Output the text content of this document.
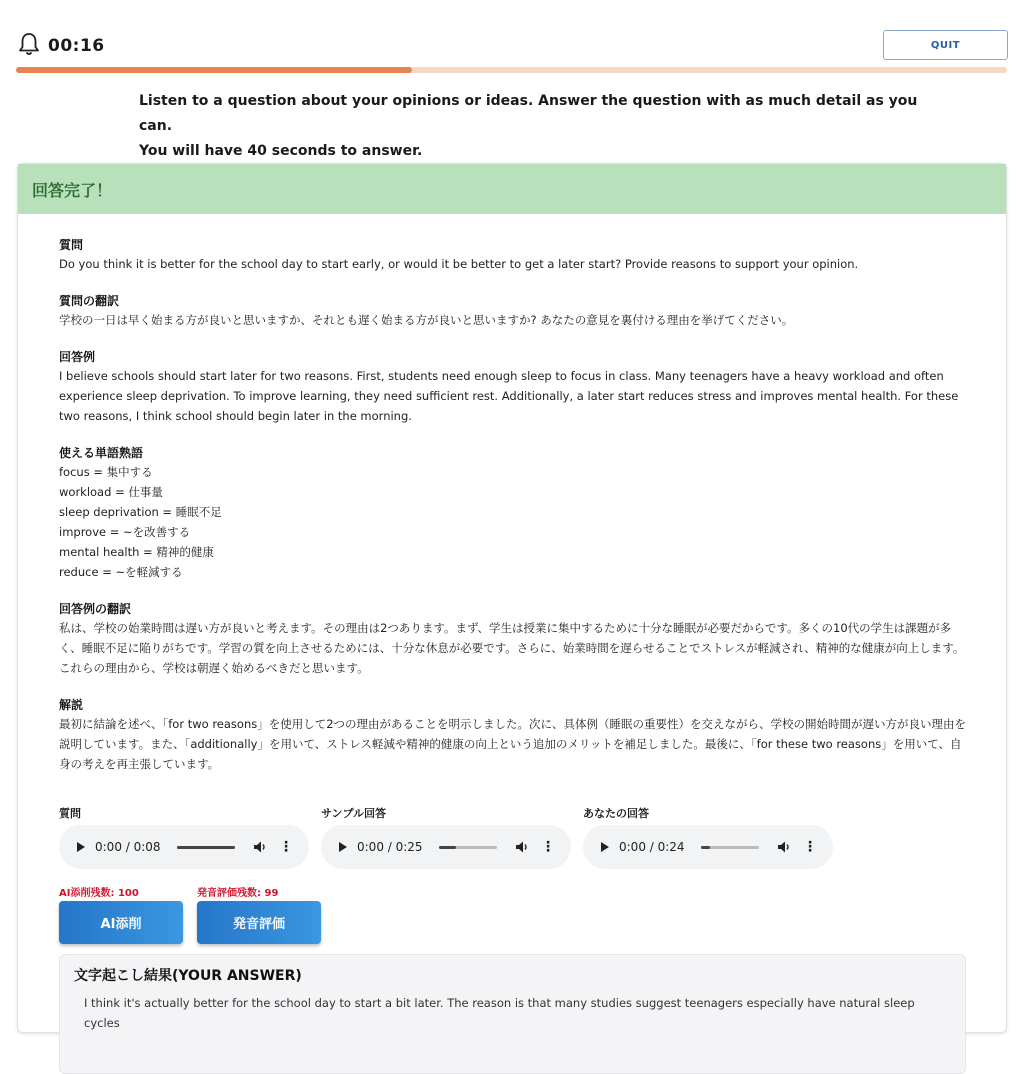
00:16	QUIT
Listen to a question about your opinions or ideas. Answer the question with as much detail as you can.
You will have 40 seconds to answer.
回答完了！
質問
Do you think it is better for the school day to start early, or would it be better to get a later start? Provide reasons to support your opinion.
質問の翻訳
学校の一日は早く始まる方が良いと思いますか、それとも遅く始まる方が良いと思いますか? あなたの意見を裏付ける理由を挙げてください。
回答例
I believe schools should start later for two reasons. First, students need enough sleep to focus in class. Many teenagers have a heavy workload and often experience sleep deprivation. To improve learning, they need sufficient rest. Additionally, a later start reduces stress and improves mental health. For these two reasons, I think school should begin later in the morning.
使える単語熟語
focus = 集中する
workload = 仕事量
sleep deprivation = 睡眠不足
improve = ~を改善する
mental health = 精神的健康
reduce = ~を軽減する
回答例の翻訳
私は、学校の始業時間は遅い方が良いと考えます。その理由は2つあります。まず、学生は授業に集中するために十分な睡眠が必要だからです。多くの10代の学生は課題が多く、睡眠不足に陥りがちです。学習の質を向上させるためには、十分な休息が必要です。さらに、始業時間を遅らせることでストレスが軽減され、精神的な健康が向上します。これらの理由から、学校は朝遅く始めるべきだと思います。
解説
最初に結論を述べ、「for two reasons」を使用して2つの理由があることを明示しました。次に、具体例（睡眠の重要性）を交えながら、学校の開始時間が遅い方が良い理由を説明しています。また、「additionally」を用いて、ストレス軽減や精神的健康の向上という追加のメリットを補足しました。最後に、「for these two reasons」を用いて、自身の考えを再主張しています。
質問
0:00 / 0:08	⋮
サンプル回答
0:00 / 0:25	⋮
あなたの回答
0:00 / 0:24	⋮
AI添削残数: 100	発音評価残数: 99
AI添削	発音評価
文字起こし結果(YOUR ANSWER)
I think it's actually better for the school day to start a bit later. The reason is that many studies suggest teenagers especially have natural sleep cycles
